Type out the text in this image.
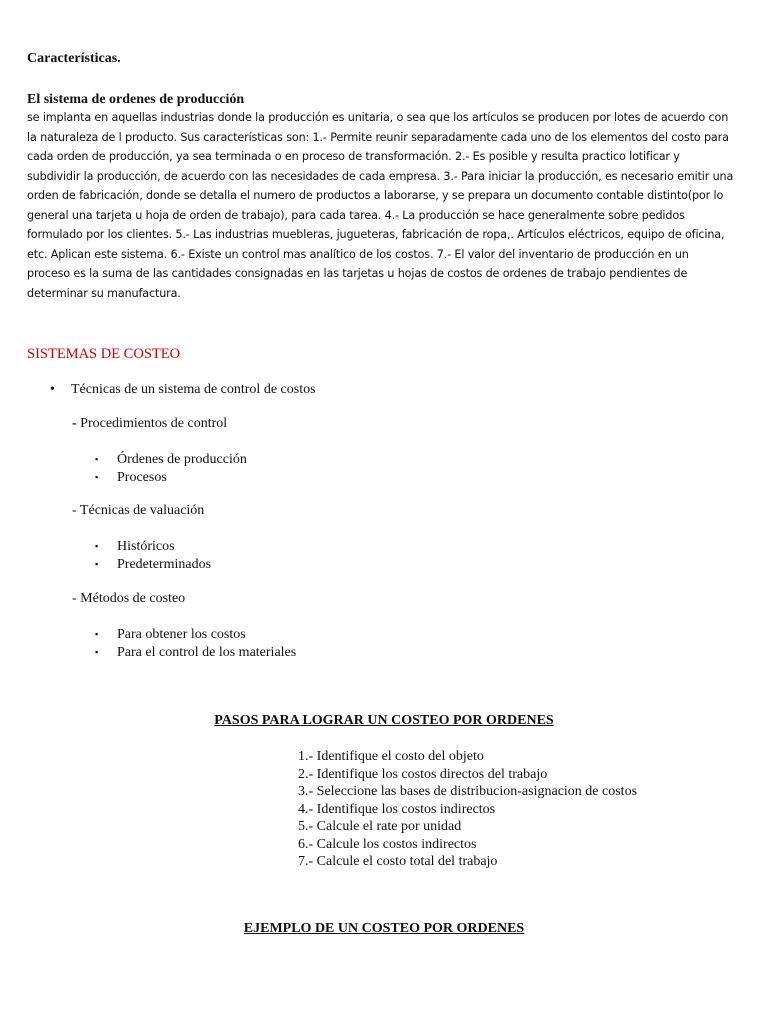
Características.
El sistema de ordenes de producción
se implanta en aquellas industrias donde la producción es unitaria, o sea que los artículos se producen por lotes de acuerdo con
la naturaleza de l producto. Sus características son: 1.- Permite reunir separadamente cada uno de los elementos del costo para
cada orden de producción, ya sea terminada o en proceso de transformación. 2.- Es posible y resulta practico lotificar y
subdividir la producción, de acuerdo con las necesidades de cada empresa. 3.- Para iniciar la producción, es necesario emitir una
orden de fabricación, donde se detalla el numero de productos a laborarse, y se prepara un documento contable distinto(por lo
general una tarjeta u hoja de orden de trabajo), para cada tarea. 4.- La producción se hace generalmente sobre pedidos
formulado por los clientes. 5.- Las industrias muebleras, jugueteras, fabricación de ropa,. Artículos eléctricos, equipo de oficina,
etc. Aplican este sistema. 6.- Existe un control mas analítico de los costos. 7.- El valor del inventario de producción en un
proceso es la suma de las cantidades consignadas en las tarjetas u hojas de costos de ordenes de trabajo pendientes de
determinar su manufactura.
SISTEMAS DE COSTEO
• Técnicas de un sistema de control de costos
- Procedimientos de control
▪ Órdenes de producción
▪ Procesos
- Técnicas de valuación
▪ Históricos
▪ Predeterminados
- Métodos de costeo
▪ Para obtener los costos
▪ Para el control de los materiales
PASOS PARA LOGRAR UN COSTEO POR ORDENES
1.- Identifique el costo del objeto
2.- Identifique los costos directos del trabajo
3.- Seleccione las bases de distribucion-asignacion de costos
4.- Identifique los costos indirectos
5.- Calcule el rate por unidad
6.- Calcule los costos indirectos
7.- Calcule el costo total del trabajo
EJEMPLO DE UN COSTEO POR ORDENES
